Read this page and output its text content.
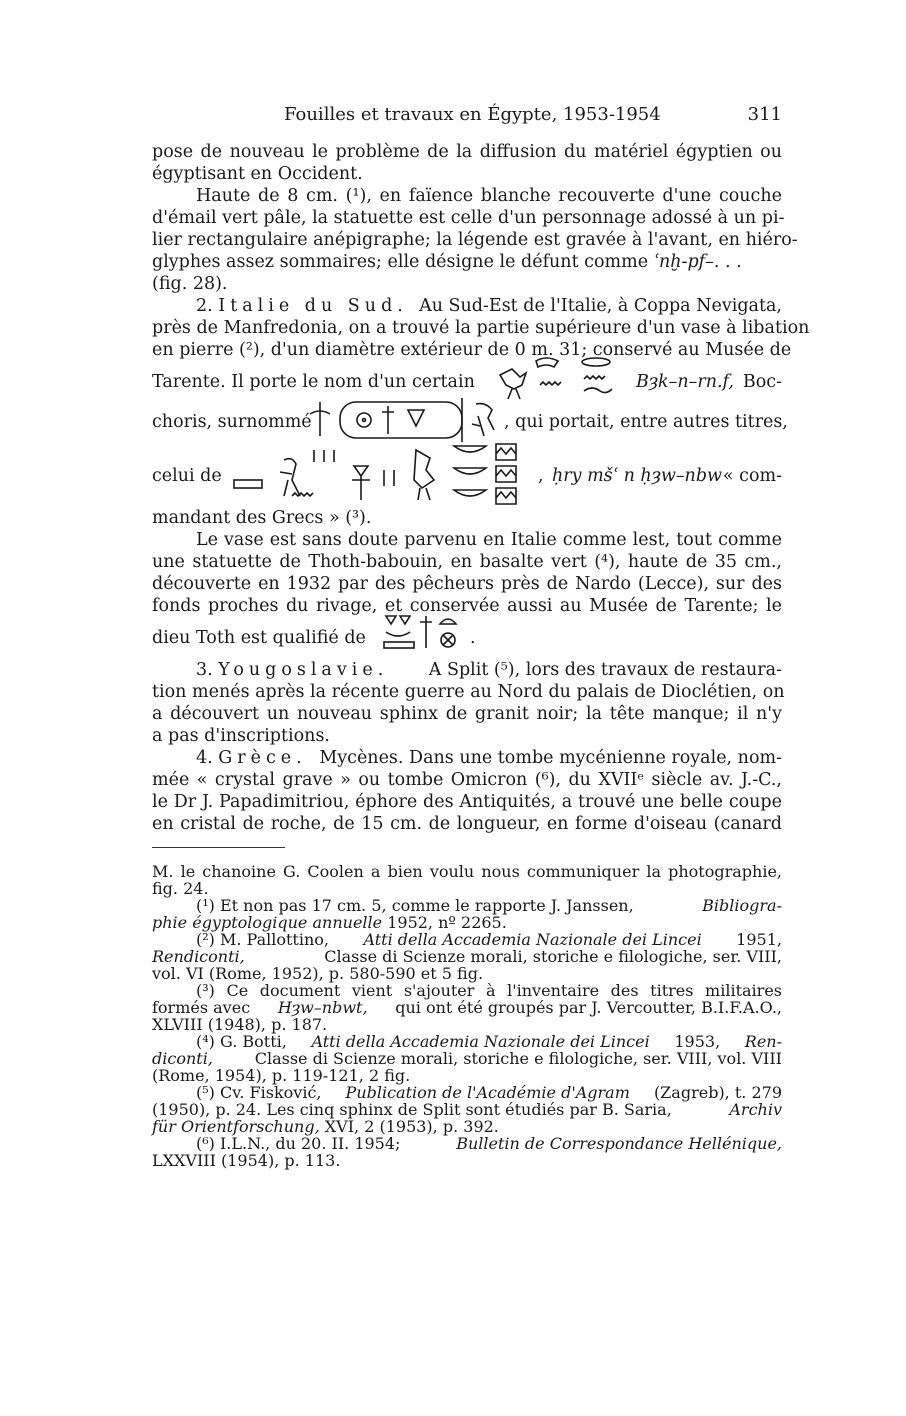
Fouilles et travaux en Égypte, 1953-1954	311
pose de nouveau le problème de la diffusion du matériel égyptien ou
égyptisant en Occident.
Haute de 8 cm. (¹), en faïence blanche recouverte d'une couche
d'émail vert pâle, la statuette est celle d'un personnage adossé à un pi-
lier rectangulaire anépigraphe; la légende est gravée à l'avant, en hiéro-
glyphes assez sommaires; elle désigne le défunt comme ʿnḫ-pf–. . .
(fig. 28).
2. Italie du Sud. Au Sud-Est de l'Italie, à Coppa Nevigata,
près de Manfredonia, on a trouvé la partie supérieure d'un vase à libation
en pierre (²), d'un diamètre extérieur de 0 m. 31; conservé au Musée de
Tarente. Il porte le nom d'un certain	Bȝk–n–rn.f, Boc-
choris, surnommé	, qui portait, entre autres titres,
celui de	, ḥry mšʿ n ḥȝw–nbw « com-
mandant des Grecs » (³).
Le vase est sans doute parvenu en Italie comme lest, tout comme
une statuette de Thoth-babouin, en basalte vert (⁴), haute de 35 cm.,
découverte en 1932 par des pêcheurs près de Nardo (Lecce), sur des
fonds proches du rivage, et conservée aussi au Musée de Tarente; le
dieu Toth est qualifié de	.
3. Yougoslavie. A Split (⁵), lors des travaux de restaura-
tion menés après la récente guerre au Nord du palais de Dioclétien, on
a découvert un nouveau sphinx de granit noir; la tête manque; il n'y
a pas d'inscriptions.
4. Grèce. Mycènes. Dans une tombe mycénienne royale, nom-
mée « crystal grave » ou tombe Omicron (⁶), du XVIIᵉ siècle av. J.-C.,
le Dr J. Papadimitriou, éphore des Antiquités, a trouvé une belle coupe
en cristal de roche, de 15 cm. de longueur, en forme d'oiseau (canard
M. le chanoine G. Coolen a bien voulu nous communiquer la photographie,
fig. 24.
(¹) Et non pas 17 cm. 5, comme le rapporte J. Janssen,	Bibliogra-
phie égyptologique annuelle 1952, nº 2265.
(²) M. Pallottino, Atti della Accademia Nazionale dei Lincei 1951,
Rendiconti,	Classe di Scienze morali, storiche e filologiche, ser. VIII,
vol. VI (Rome, 1952), p. 580-590 et 5 fig.
(³) Ce document vient s'ajouter à l'inventaire des titres militaires
formés avec Hȝw–nbwt, qui ont été groupés par J. Vercoutter, B.I.F.A.O.,
XLVIII (1948), p. 187.
(⁴) G. Botti, Atti della Accademia Nazionale dei Lincei 1953, Ren-
diconti,	Classe di Scienze morali, storiche e filologiche, ser. VIII, vol. VIII
(Rome, 1954), p. 119-121, 2 fig.
(⁵) Cv. Fisković, Publication de l'Académie d'Agram (Zagreb), t. 279
(1950), p. 24. Les cinq sphinx de Split sont étudiés par B. Saria,	Archiv
für Orientforschung, XVI, 2 (1953), p. 392.
(⁶) I.L.N., du 20. II. 1954;	Bulletin de Correspondance Hellénique,
LXXVIII (1954), p. 113.
